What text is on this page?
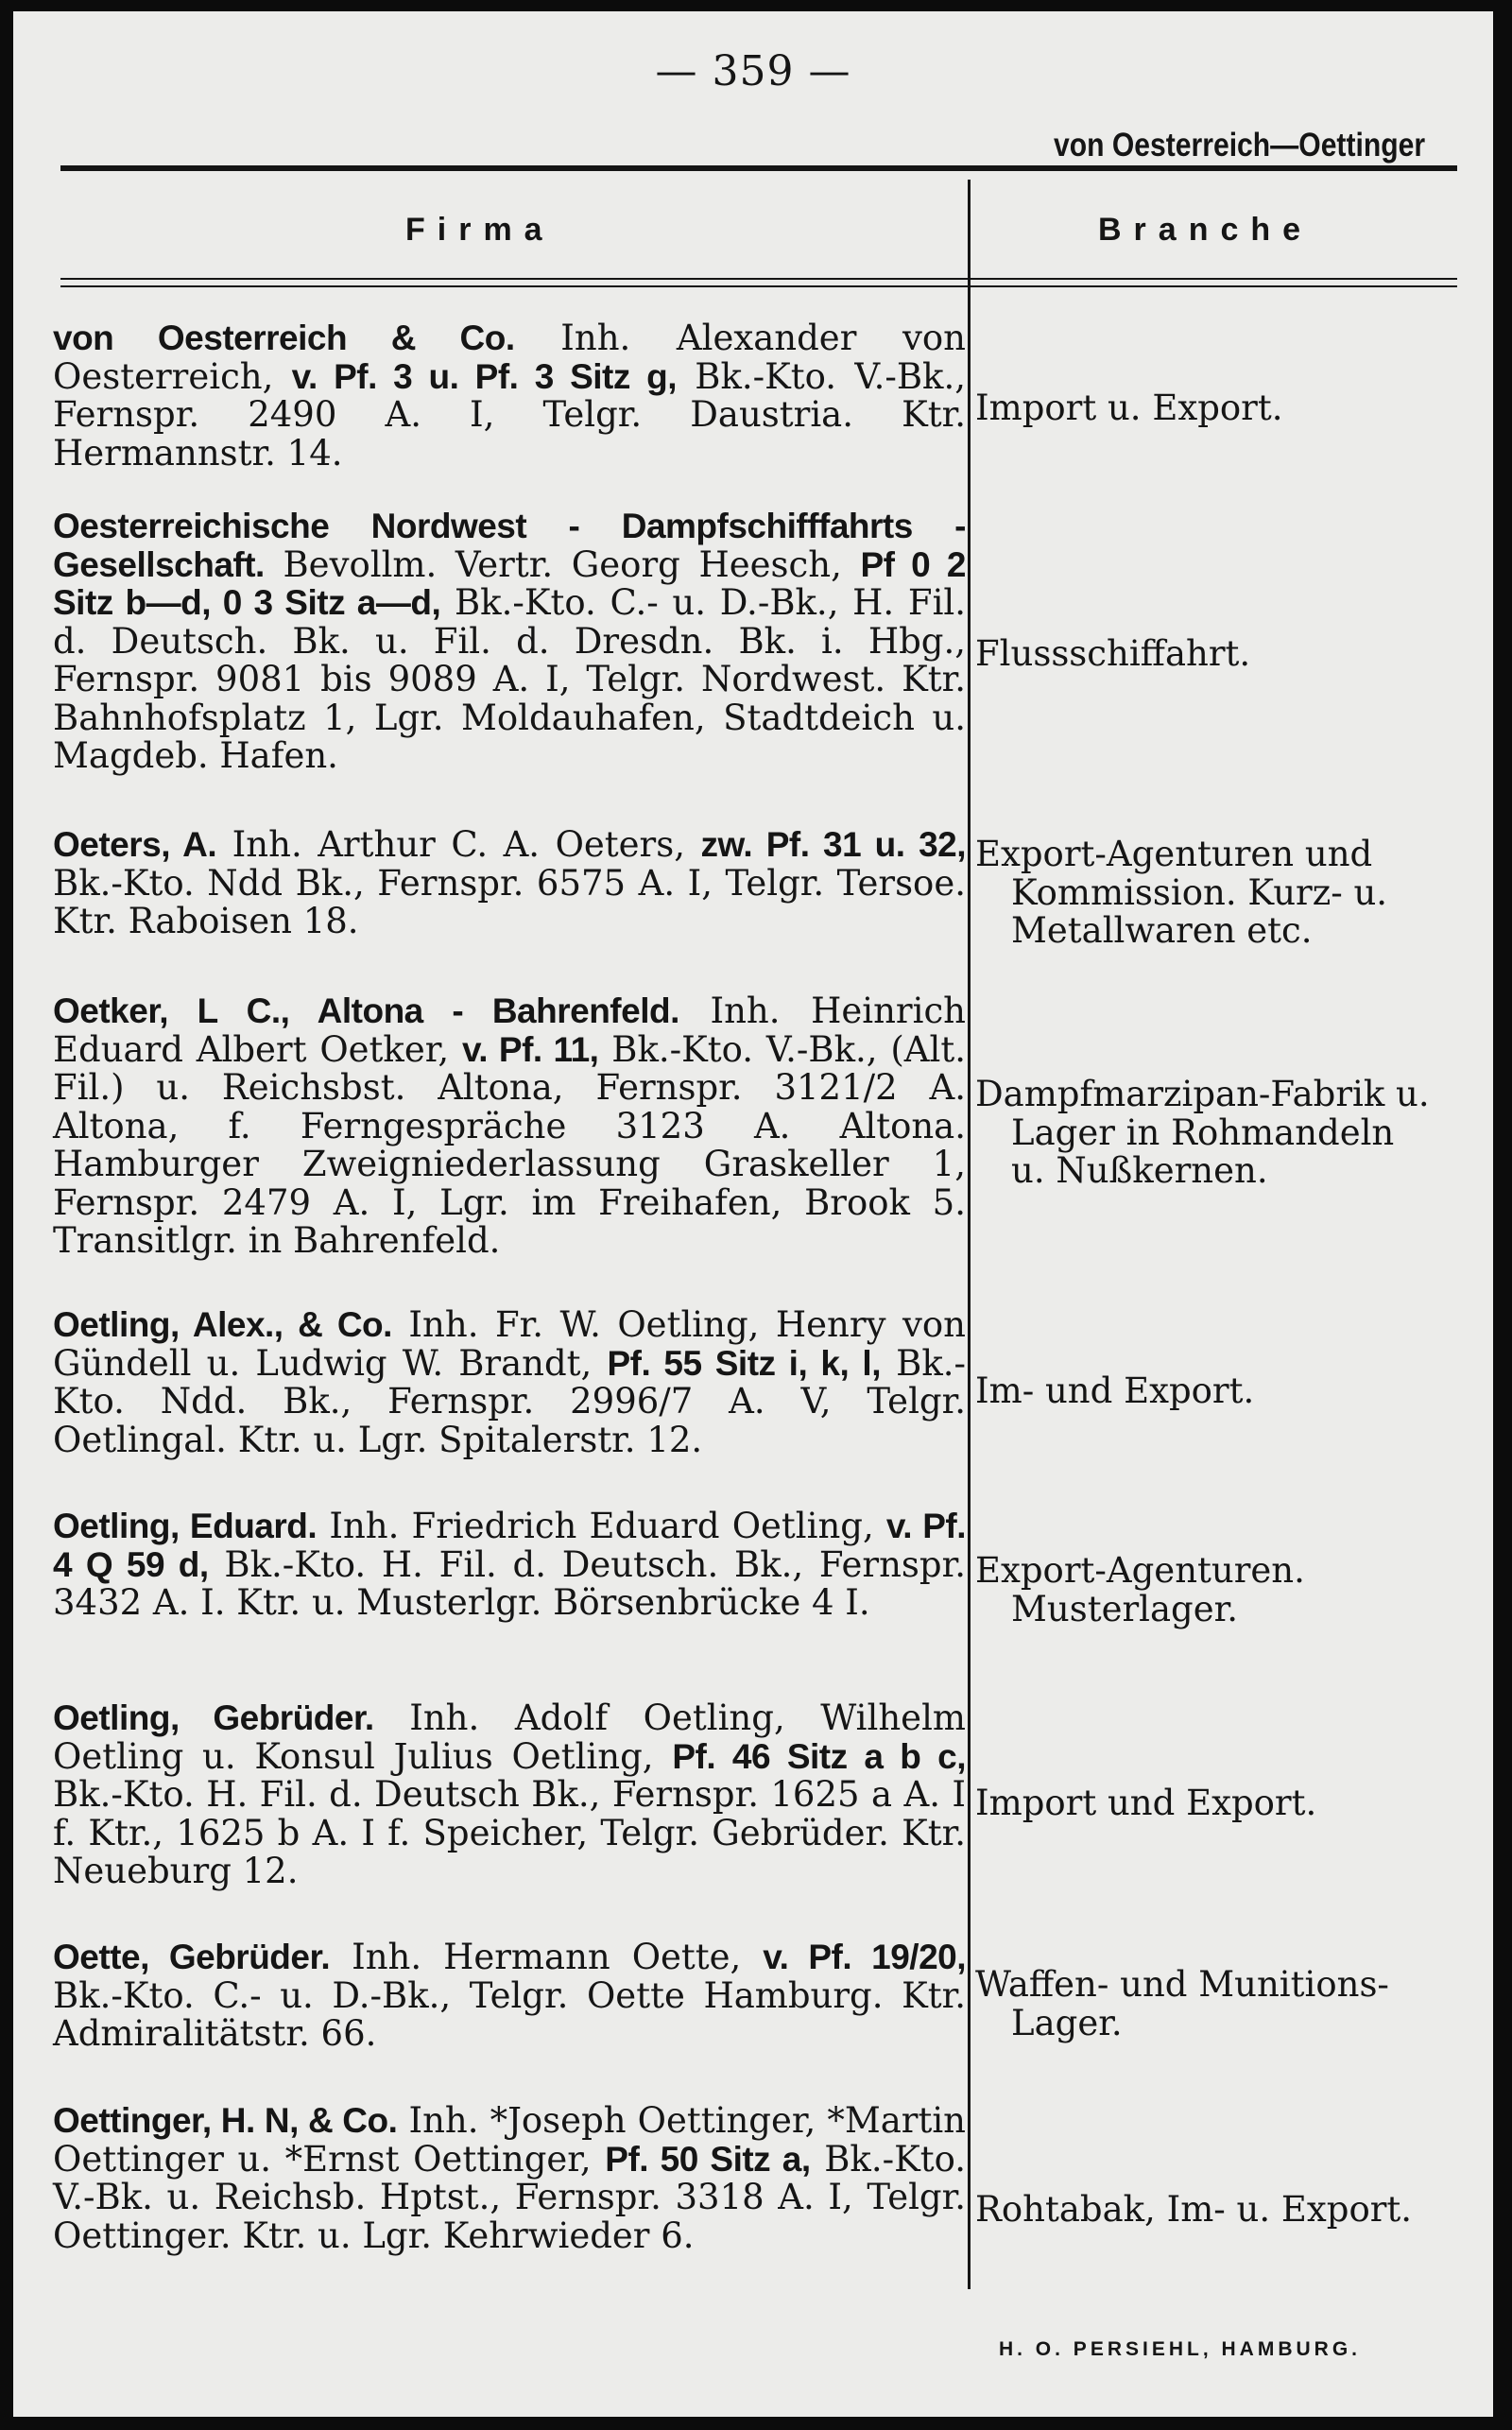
— 359 —
von Oesterreich—Oettinger
Firma	Branche
von Oesterreich & Co. Inh. Alexander von Oesterreich, v. Pf. 3 u. Pf. 3 Sitz g, Bk.-Kto. V.-Bk., Fernspr. 2490 A. I, Telgr. Daustria. Ktr. Hermannstr. 14.
Import u. Export.
Oesterreichische Nordwest - Dampfschifffahrts - Gesellschaft. Bevollm. Vertr. Georg Heesch, Pf 0 2 Sitz b—d, 0 3 Sitz a—d, Bk.-Kto. C.- u. D.-Bk., H. Fil. d. Deutsch. Bk. u. Fil. d. Dresdn. Bk. i. Hbg., Fernspr. 9081 bis 9089 A. I, Telgr. Nordwest. Ktr. Bahnhofsplatz 1, Lgr. Moldauhafen, Stadtdeich u. Magdeb. Hafen.
Flussschiffahrt.
Oeters, A. Inh. Arthur C. A. Oeters, zw. Pf. 31 u. 32, Bk.-Kto. Ndd Bk., Fernspr. 6575 A. I, Telgr. Tersoe. Ktr. Raboisen 18.
Export-Agenturen und
Kommission. Kurz- u.
Metallwaren etc.
Oetker, L C., Altona - Bahrenfeld. Inh. Heinrich Eduard Albert Oetker, v. Pf. 11, Bk.-Kto. V.-Bk., (Alt. Fil.) u. Reichsbst. Altona, Fernspr. 3121/2 A. Altona, f. Ferngespräche 3123 A. Altona. Hamburger Zweigniederlassung Graskeller 1, Fernspr. 2479 A. I, Lgr. im Freihafen, Brook 5. Transitlgr. in Bahrenfeld.
Dampfmarzipan-Fabrik u.
Lager in Rohmandeln
u. Nußkernen.
Oetling, Alex., & Co. Inh. Fr. W. Oetling, Henry von Gündell u. Ludwig W. Brandt, Pf. 55 Sitz i, k, l, Bk.-Kto. Ndd. Bk., Fernspr. 2996/7 A. V, Telgr. Oetlingal. Ktr. u. Lgr. Spitalerstr. 12.
Im- und Export.
Oetling, Eduard. Inh. Friedrich Eduard Oetling, v. Pf. 4 Q 59 d, Bk.-Kto. H. Fil. d. Deutsch. Bk., Fernspr. 3432 A. I. Ktr. u. Musterlgr. Börsenbrücke 4 I.
Export-Agenturen.
Musterlager.
Oetling, Gebrüder. Inh. Adolf Oetling, Wilhelm Oetling u. Konsul Julius Oetling, Pf. 46 Sitz a b c, Bk.-Kto. H. Fil. d. Deutsch Bk., Fernspr. 1625 a A. I f. Ktr., 1625 b A. I f. Speicher, Telgr. Gebrüder. Ktr. Neueburg 12.
Import und Export.
Oette, Gebrüder. Inh. Hermann Oette, v. Pf. 19/20, Bk.-Kto. C.- u. D.-Bk., Telgr. Oette Hamburg. Ktr. Admiralitätstr. 66.
Waffen- und Munitions-
Lager.
Oettinger, H. N, & Co. Inh. *Joseph Oettinger, *Martin Oettinger u. *Ernst Oettinger, Pf. 50 Sitz a, Bk.-Kto. V.-Bk. u. Reichsb. Hptst., Fernspr. 3318 A. I, Telgr. Oettinger. Ktr. u. Lgr. Kehrwieder 6.
Rohtabak, Im- u. Export.
H. O. PERSIEHL, HAMBURG.
